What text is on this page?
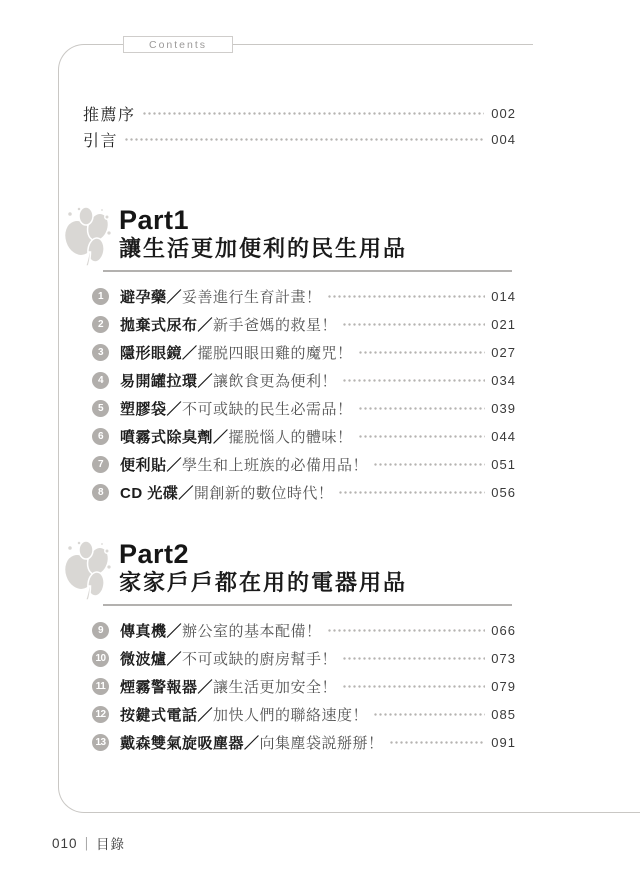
Contents
推薦序	002
引言	004
Part1
讓生活更加便利的民生用品
1	避孕藥 ／ 妥善進行生育計畫！	014
2	拋棄式尿布 ／ 新手爸媽的救星！	021
3	隱形眼鏡 ／ 擺脱四眼田雞的魔咒！	027
4	易開罐拉環 ／ 讓飲食更為便利！	034
5	塑膠袋 ／ 不可或缺的民生必需品！	039
6	噴霧式除臭劑 ／ 擺脱惱人的體味！	044
7	便利貼 ／ 學生和上班族的必備用品！	051
8	CD 光碟 ／ 開創新的數位時代！	056
Part2
家家戶戶都在用的電器用品
9	傳真機 ／ 辦公室的基本配備！	066
10 微波爐 ／ 不可或缺的廚房幫手！	073
11 煙霧警報器 ／ 讓生活更加安全！	079
12 按鍵式電話 ／ 加快人們的聯絡速度！	085
13 戴森雙氣旋吸塵器 ／ 向集塵袋説掰掰！	091
010 ｜ 目錄
